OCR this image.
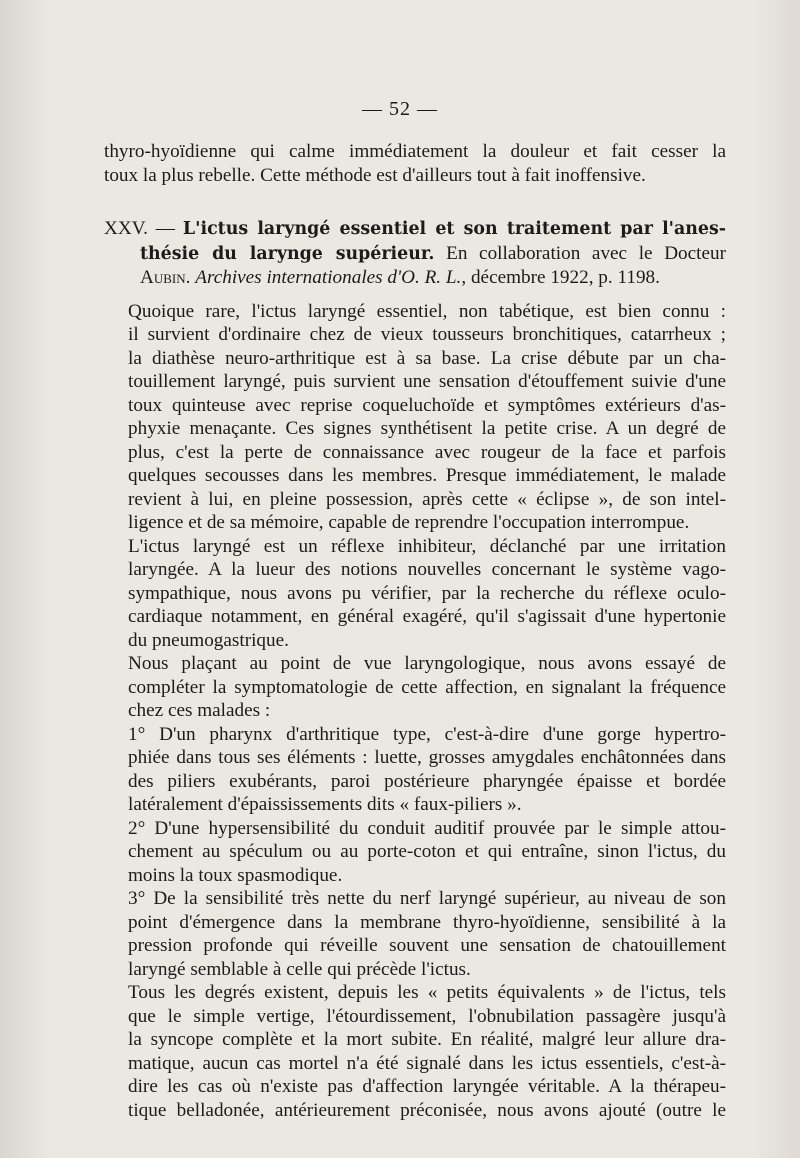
— 52 —
thyro-hyoïdienne qui calme immédiatement la douleur et fait cesser la
toux la plus rebelle. Cette méthode est d'ailleurs tout à fait inoffensive.
XXV. — L'ictus laryngé essentiel et son traitement par l'anes-
thésie du larynge supérieur. En collaboration avec le Docteur
Aubin. Archives internationales d'O. R. L., décembre 1922, p. 1198.
Quoique rare, l'ictus laryngé essentiel, non tabétique, est bien connu :
il survient d'ordinaire chez de vieux tousseurs bronchitiques, catarrheux ;
la diathèse neuro-arthritique est à sa base. La crise débute par un cha-
touillement laryngé, puis survient une sensation d'étouffement suivie d'une
toux quinteuse avec reprise coqueluchoïde et symptômes extérieurs d'as-
phyxie menaçante. Ces signes synthétisent la petite crise. A un degré de
plus, c'est la perte de connaissance avec rougeur de la face et parfois
quelques secousses dans les membres. Presque immédiatement, le malade
revient à lui, en pleine possession, après cette « éclipse », de son intel-
ligence et de sa mémoire, capable de reprendre l'occupation interrompue.
L'ictus laryngé est un réflexe inhibiteur, déclanché par une irritation
laryngée. A la lueur des notions nouvelles concernant le système vago-
sympathique, nous avons pu vérifier, par la recherche du réflexe oculo-
cardiaque notamment, en général exagéré, qu'il s'agissait d'une hypertonie
du pneumogastrique.
Nous plaçant au point de vue laryngologique, nous avons essayé de
compléter la symptomatologie de cette affection, en signalant la fréquence
chez ces malades :
1° D'un pharynx d'arthritique type, c'est-à-dire d'une gorge hypertro-
phiée dans tous ses éléments : luette, grosses amygdales enchâtonnées dans
des piliers exubérants, paroi postérieure pharyngée épaisse et bordée
latéralement d'épaississements dits « faux-piliers ».
2° D'une hypersensibilité du conduit auditif prouvée par le simple attou-
chement au spéculum ou au porte-coton et qui entraîne, sinon l'ictus, du
moins la toux spasmodique.
3° De la sensibilité très nette du nerf laryngé supérieur, au niveau de son
point d'émergence dans la membrane thyro-hyoïdienne, sensibilité à la
pression profonde qui réveille souvent une sensation de chatouillement
laryngé semblable à celle qui précède l'ictus.
Tous les degrés existent, depuis les « petits équivalents » de l'ictus, tels
que le simple vertige, l'étourdissement, l'obnubilation passagère jusqu'à
la syncope complète et la mort subite. En réalité, malgré leur allure dra-
matique, aucun cas mortel n'a été signalé dans les ictus essentiels, c'est-à-
dire les cas où n'existe pas d'affection laryngée véritable. A la thérapeu-
tique belladonée, antérieurement préconisée, nous avons ajouté (outre le
